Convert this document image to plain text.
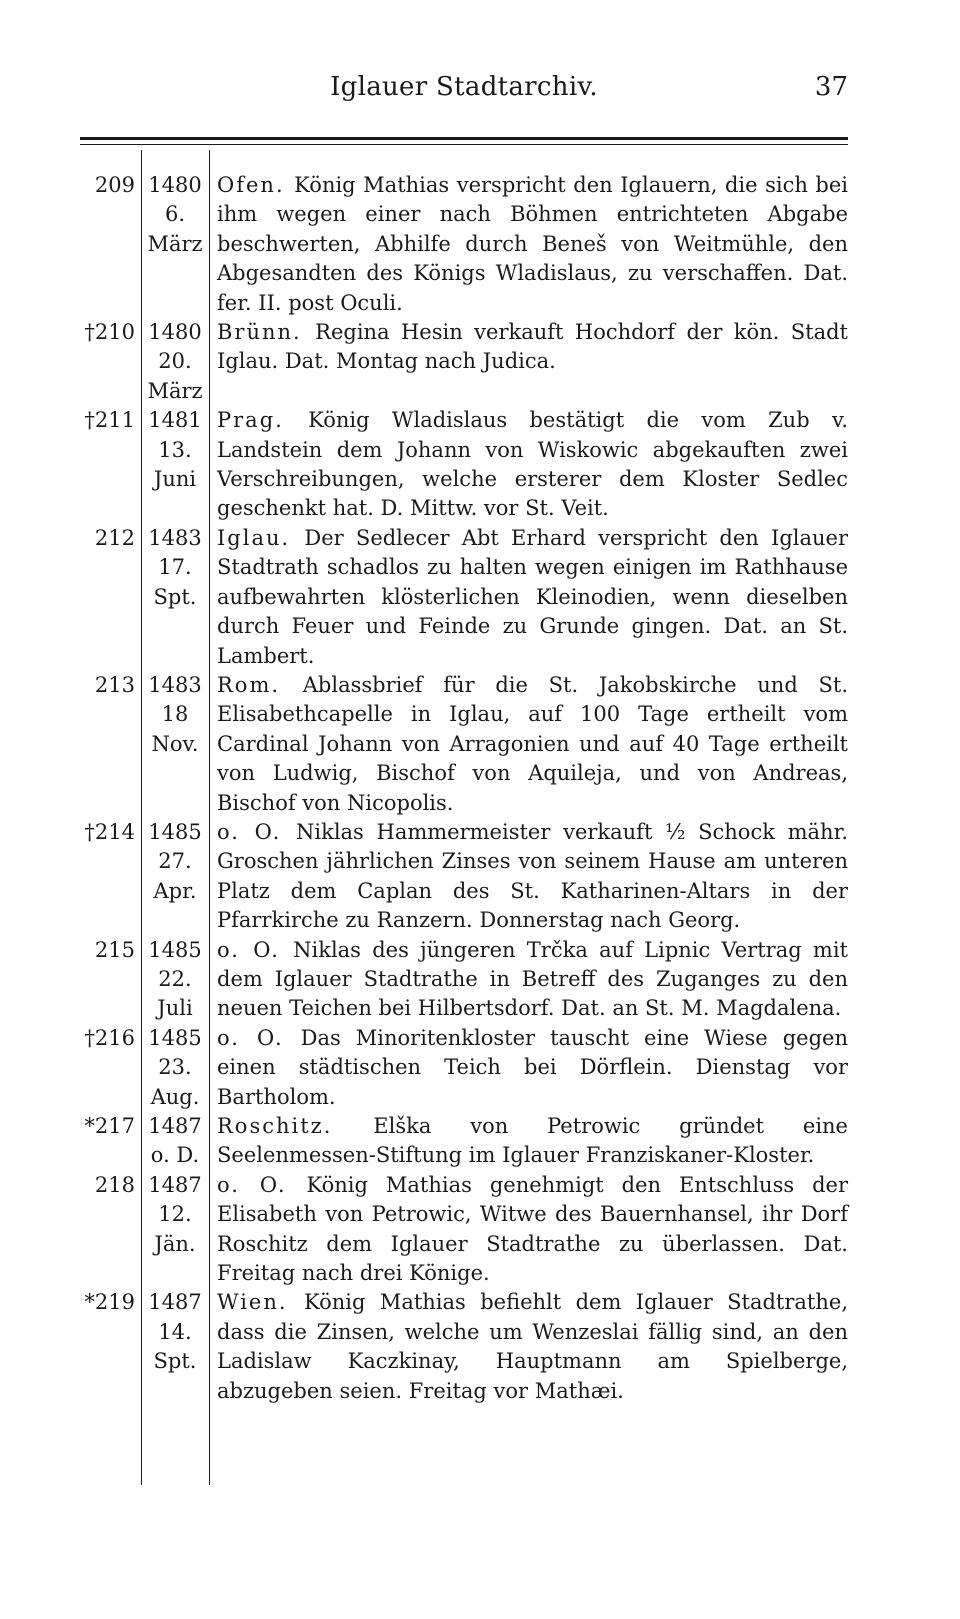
Iglauer Stadtarchiv.	37
209 1480
6.
März
Ofen. König Mathias verspricht den Iglauern, die sich bei ihm wegen einer nach Böhmen entrichteten Abgabe beschwerten, Abhilfe durch Beneš von Weitmühle, den Abgesandten des Königs Wladislaus, zu verschaffen. Dat. fer. II. post Oculi.
†210 1480
20.
März
Brünn. Regina Hesin verkauft Hochdorf der kön. Stadt Iglau. Dat. Montag nach Judica.
†211 1481
13.
Juni
Prag. König Wladislaus bestätigt die vom Zub v. Landstein dem Johann von Wiskowic abgekauften zwei Verschreibungen, welche ersterer dem Kloster Sedlec geschenkt hat. D. Mittw. vor St. Veit.
212 1483
17.
Spt.
Iglau. Der Sedlecer Abt Erhard verspricht den Iglauer Stadtrath schadlos zu halten wegen einigen im Rathhause aufbewahrten klösterlichen Kleinodien, wenn dieselben durch Feuer und Feinde zu Grunde gingen. Dat. an St. Lambert.
213 1483
18
Nov.
Rom. Ablassbrief für die St. Jakobskirche und St. Elisabethcapelle in Iglau, auf 100 Tage ertheilt vom Cardinal Johann von Arragonien und auf 40 Tage ertheilt von Ludwig, Bischof von Aquileja, und von Andreas, Bischof von Nicopolis.
†214 1485
27.
Apr.
o. O. Niklas Hammermeister verkauft ½ Schock mähr. Groschen jährlichen Zinses von seinem Hause am unteren Platz dem Caplan des St. Katharinen-Altars in der Pfarrkirche zu Ranzern. Donnerstag nach Georg.
215 1485
22.
Juli
o. O. Niklas des jüngeren Trčka auf Lipnic Vertrag mit dem Iglauer Stadtrathe in Betreff des Zuganges zu den neuen Teichen bei Hilbertsdorf. Dat. an St. M. Magdalena.
†216 1485
23.
Aug.
o. O. Das Minoritenkloster tauscht eine Wiese gegen einen städtischen Teich bei Dörflein. Dienstag vor Bartholom.
*217 1487
o. D.
Roschitz. Elška von Petrowic gründet eine Seelenmessen-Stiftung im Iglauer Franziskaner-Kloster.
218 1487
12.
Jän.
o. O. König Mathias genehmigt den Entschluss der Elisabeth von Petrowic, Witwe des Bauernhansel, ihr Dorf Roschitz dem Iglauer Stadtrathe zu überlassen. Dat. Freitag nach drei Könige.
*219 1487
14.
Spt.
Wien. König Mathias befiehlt dem Iglauer Stadtrathe, dass die Zinsen, welche um Wenzeslai fällig sind, an den Ladislaw Kaczkinay, Hauptmann am Spielberge, abzugeben seien. Freitag vor Mathæi.
